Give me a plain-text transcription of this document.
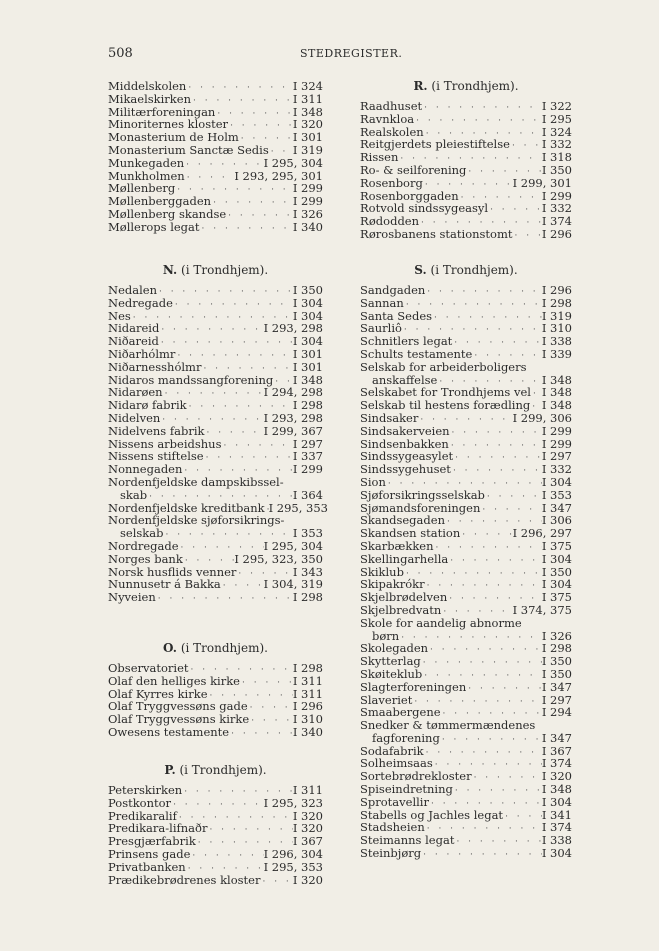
508	STEDREGISTER.
Middelskolen · · ·	I 324
Mikaelskirken · · ·	I 311
Militærforeningan · · ·	I 348
Minoriternes kloster · · ·	I 320
Monasterium de Holm · · ·	I 301
Monasterium Sanctæ Sedis · · · I 319
Munkegaden · · ·	I 295, 304
Munkholmen · · ·	I 293, 295, 301
Møllenberg · · ·	I 299
Møllenberggaden · · ·	I 299
Møllenberg skandse · · ·	I 326
Møllerops legat · · ·	I 340
N. (i Trondhjem).
Nedalen · · ·	I 350
Nedregade · · ·	I 304
Nes · · ·	I 304
Nidareid · · ·	I 293, 298
Niðareid · · ·	I 304
Niðarhólmr · · ·	I 301
Niðarnesshólmr · · ·	I 301
Nidaros mandssangforening · · · I 348
Nidarøen · · ·	I 294, 298
Nidarø fabrik · · ·	I 298
Nidelven · · ·	I 293, 298
Nidelvens fabrik · · ·	I 299, 367
Nissens arbeidshus · · ·	I 297
Nissens stiftelse · · ·	I 337
Nonnegaden · · ·	I 299
Nordenfjeldske dampskibssel-
skab · · ·	I 364
Nordenfjeldske kreditbank · · · I 295, 353
Nordenfjeldske sjøforsikrings-
selskab · · ·	I 353
Nordregade · · ·	I 295, 304
Norges bank · · ·	I 295, 323, 350
Norsk husflids venner · · ·	I 343
Nunnusetr á Bakka · · ·	I 304, 319
Nyveien · · ·	I 298
O. (i Trondhjem).
Observatoriet · · ·	I 298
Olaf den helliges kirke · · ·	I 311
Olaf Kyrres kirke · · ·	I 311
Olaf Tryggvessøns gade · · ·	I 296
Olaf Tryggvessøns kirke · · ·	I 310
Owesens testamente · · ·	I 340
P. (i Trondhjem).
Peterskirken · · ·	I 311
Postkontor · · ·	I 295, 323
Predikaralif · · ·	I 320
Predikara-lifnaðr · · ·	I 320
Presgjærfabrik · · ·	I 367
Prinsens gade · · ·	I 296, 304
Privatbanken · · ·	I 295, 353
Prædikebrødrenes kloster · · ·	I 320
R. (i Trondhjem).
Raadhuset · · ·	I 322
Ravnkloa · · ·	I 295
Realskolen · · ·	I 324
Reitgjerdets pleiestiftelse · · ·	I 332
Rissen · · ·	I 318
Ro- & seilforening · · ·	I 350
Rosenborg · · ·	I 299, 301
Rosenborggaden · · ·	I 299
Rotvold sindssygeasyl · · ·	I 332
Rødodden · · ·	I 374
Rørosbanens stationstomt · · ·	I 296
S. (i Trondhjem).
Sandgaden · · ·	I 296
Sannan · · ·	I 298
Santa Sedes · · ·	I 319
Saurliô · · ·	I 310
Schnitlers legat · · ·	I 338
Schults testamente · · ·	I 339
Selskab for arbeiderboligers
anskaffelse · · ·	I 348
Selskabet for Trondhjems vel · · · I 348
Selskab til hestens forædling · · · I 348
Sindsaker · · ·	I 299, 306
Sindsakerveien · · ·	I 299
Sindsenbakken · · ·	I 299
Sindssygeasylet · · ·	I 297
Sindssygehuset · · ·	I 332
Sion · · ·	I 304
Sjøforsikringsselskab · · ·	I 353
Sjømandsforeningen · · ·	I 347
Skandsegaden · · ·	I 306
Skandsen station · · ·	I 296, 297
Skarbækken · · ·	I 375
Skellingarhella · · ·	I 304
Skiklub · · ·	I 350
Skipakrókr · · ·	I 304
Skjelbrødelven · · ·	I 375
Skjelbredvatn · · ·	I 374, 375
Skole for aandelig abnorme
børn · · ·	I 326
Skolegaden · · ·	I 298
Skytterlag · · ·	I 350
Skøiteklub · · ·	I 350
Slagterforeningen · · ·	I 347
Slaveriet · · ·	I 297
Smaabergene · · ·	I 294
Snedker & tømmermændenes
fagforening · · ·	I 347
Sodafabrik · · ·	I 367
Solheimsaas · · ·	I 374
Sortebrødrekloster · · ·	I 320
Spiseindretning · · ·	I 348
Sprotavellir · · ·	I 304
Stabells og Jachles legat · · ·	I 341
Stadsheien · · ·	I 374
Steimanns legat · · ·	I 338
Steinbjørg · · ·	I 304
